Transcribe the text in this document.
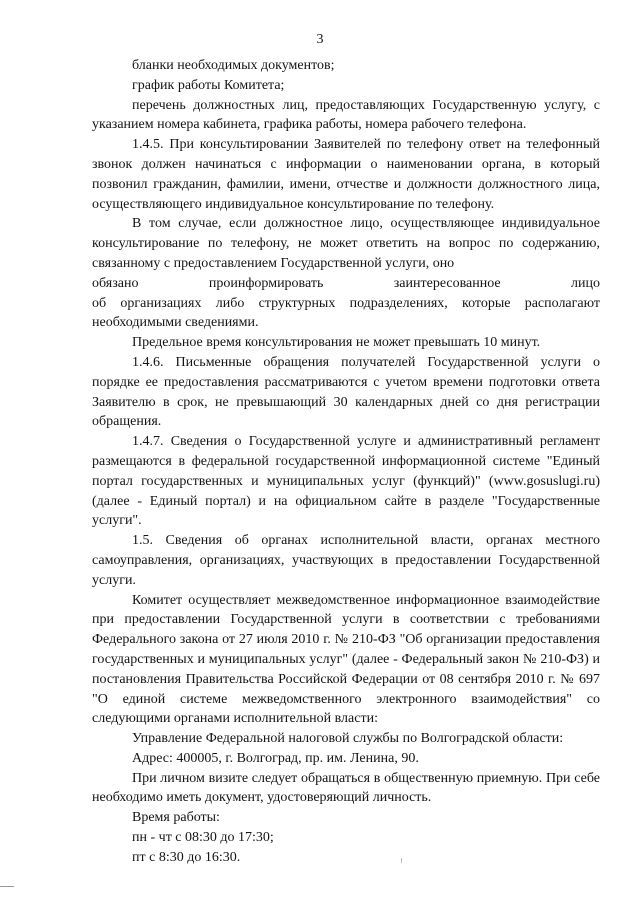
3

бланки необходимых документов;

график работы Комитета;

перечень должностных лиц, предоставляющих Государственную услугу, с указанием номера кабинета, графика работы, номера рабочего телефона.

1.4.5. При консультировании Заявителей по телефону ответ на телефонный звонок должен начинаться с информации о наименовании органа, в который позвонил гражданин, фамилии, имени, отчестве и должности должностного лица, осуществляющего индивидуальное консультирование по телефону.

В том случае, если должностное лицо, осуществляющее индивидуальное консультирование по телефону, не может ответить на вопрос по содержанию, связанному с предоставлением Государственной услуги, оно

обязано проинформировать заинтересованное лицо

об организациях либо структурных подразделениях, которые располагают необходимыми сведениями.

Предельное время консультирования не может превышать 10 минут.

1.4.6. Письменные обращения получателей Государственной услуги о порядке ее предоставления рассматриваются с учетом времени подготовки ответа Заявителю в срок, не превышающий 30 календарных дней со дня регистрации обращения.

1.4.7. Сведения о Государственной услуге и административный регламент размещаются в федеральной государственной информационной системе "Единый портал государственных и муниципальных услуг (функций)" (www.gosuslugi.ru) (далее - Единый портал) и на официальном сайте в разделе "Государственные услуги".

1.5. Сведения об органах исполнительной власти, органах местного самоуправления, организациях, участвующих в предоставлении Государственной услуги.

Комитет осуществляет межведомственное информационное взаимодействие при предоставлении Государственной услуги в соответствии с требованиями Федерального закона от 27 июля 2010 г. № 210-ФЗ "Об организации предоставления государственных и муниципальных услуг" (далее - Федеральный закон № 210-ФЗ) и постановления Правительства Российской Федерации от 08 сентября 2010 г. № 697 "О единой системе межведомственного электронного взаимодействия" со следующими органами исполнительной власти:

Управление Федеральной налоговой службы по Волгоградской области:

Адрес: 400005, г. Волгоград, пр. им. Ленина, 90.

При личном визите следует обращаться в общественную приемную. При себе необходимо иметь документ, удостоверяющий личность.

Время работы:

пн - чт с 08:30 до 17:30;

пт с 8:30 до 16:30.
